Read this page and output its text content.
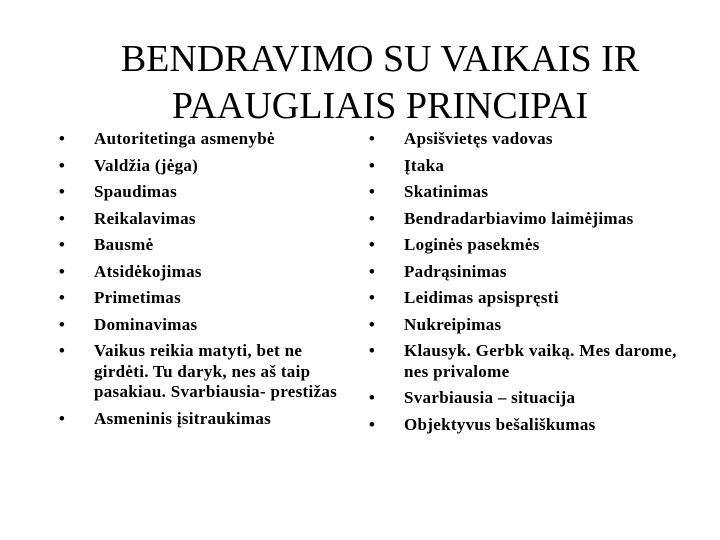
BENDRAVIMO SU VAIKAIS IR
PAAUGLIAIS PRINCIPAI
• Autoritetinga asmenybė
• Valdžia (jėga)
• Spaudimas
• Reikalavimas
• Bausmė
• Atsidėkojimas
• Primetimas
• Dominavimas
• Vaikus reikia matyti, bet ne girdėti. Tu daryk, nes aš taip pasakiau. Svarbiausia- prestižas
• Asmeninis įsitraukimas
• Apsišvietęs vadovas
• Įtaka
• Skatinimas
• Bendradarbiavimo laimėjimas
• Loginės pasekmės
• Padrąsinimas
• Leidimas apsispręsti
• Nukreipimas
• Klausyk. Gerbk vaiką. Mes darome, nes privalome
• Svarbiausia – situacija
• Objektyvus bešališkumas
